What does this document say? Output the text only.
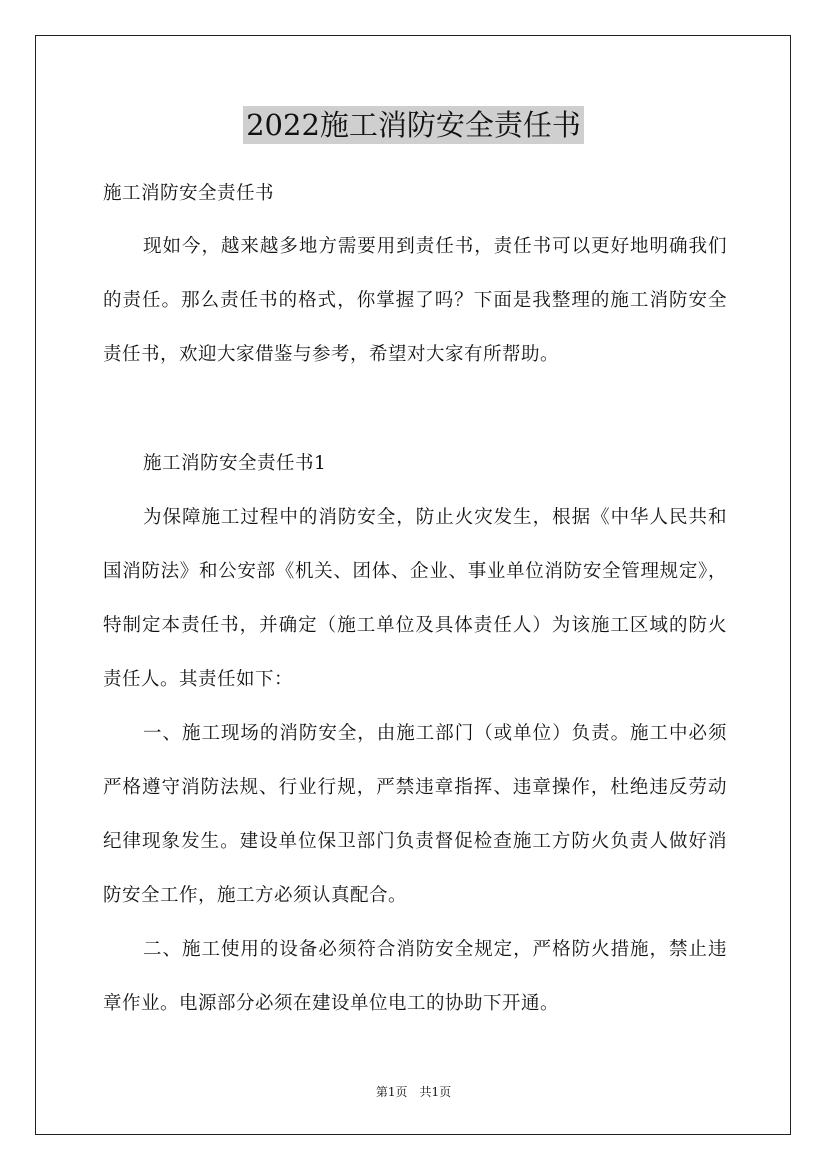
2022施工消防安全责任书
施工消防安全责任书

现如今，越来越多地方需要用到责任书，责任书可以更好地明确我们的责任。那么责任书的格式，你掌握了吗？下面是我整理的施工消防安全责任书，欢迎大家借鉴与参考，希望对大家有所帮助。

施工消防安全责任书1

为保障施工过程中的消防安全，防止火灾发生，根据《中华人民共和国消防法》和公安部《机关、团体、企业、事业单位消防安全管理规定》，特制定本责任书，并确定（施工单位及具体责任人）为该施工区域的防火责任人。其责任如下：

一、施工现场的消防安全，由施工部门（或单位）负责。施工中必须严格遵守消防法规、行业行规，严禁违章指挥、违章操作，杜绝违反劳动纪律现象发生。建设单位保卫部门负责督促检查施工方防火负责人做好消防安全工作，施工方必须认真配合。

二、施工使用的设备必须符合消防安全规定，严格防火措施，禁止违章作业。电源部分必须在建设单位电工的协助下开通。

第1页　共1页
